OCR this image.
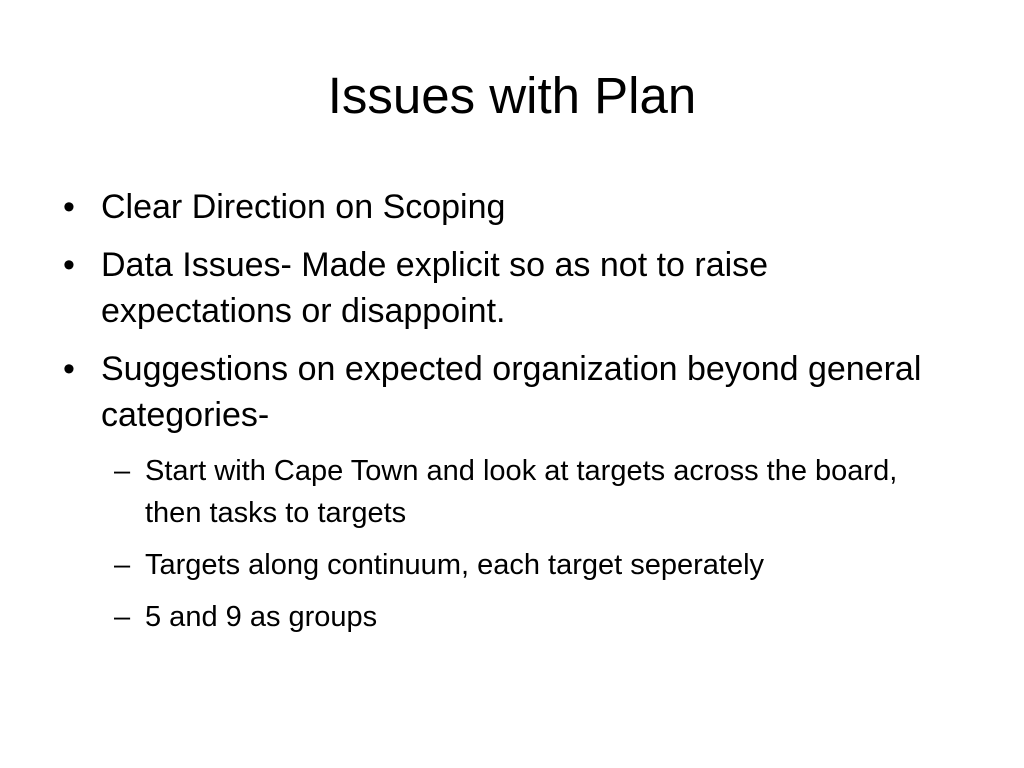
Issues with Plan
• Clear Direction on Scoping
• Data Issues- Made explicit so as not to raise expectations or disappoint.
• Suggestions on expected organization beyond general categories-
– Start with Cape Town and look at targets across the board, then tasks to targets
– Targets along continuum, each target seperately
– 5 and 9 as groups
